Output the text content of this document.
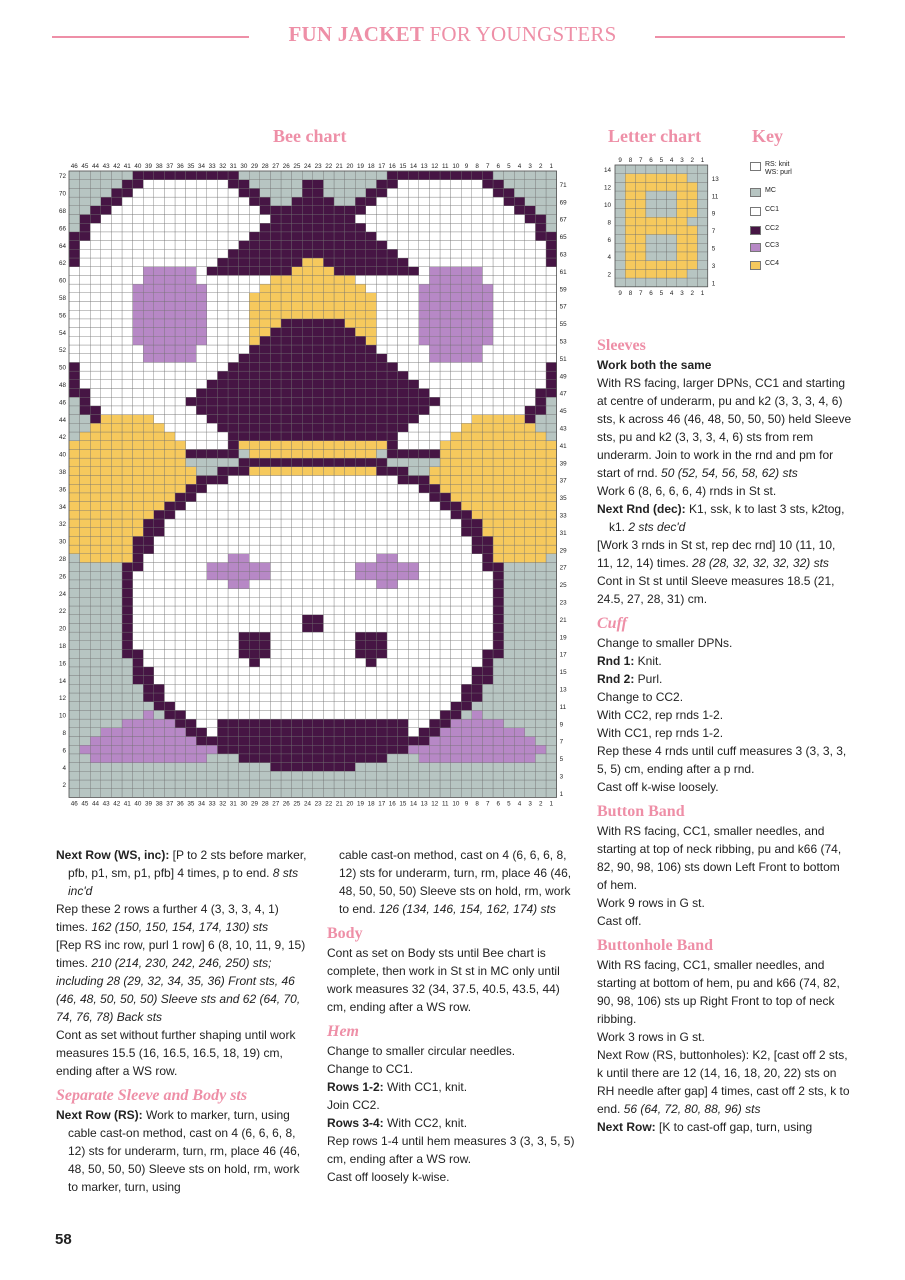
FUN JACKET FOR YOUNGSTERS
Bee chart
46
46
45
45
44
44
43
43
42
42
41
41
40
40
39
39
38
38
37
37
36
36
35
35
34
34
33
33
32
32
31
31
30
30
29
29
28
28
27
27
26
26
25
25
24
24
23
23
22
22
21
21
20
20
19
19
18
18
17
17
16
16
15
15
14
14
13
13
12
12
11
11
10
10
9
9
8
8
7
7
6
6
5
5
4
4
3
3
2
2
1
1
72
70
68
66
64
62
60
58
56
54
52
50
48
46
44
42
40
38
36
34
32
30
28
26
24
22
20
18
16
14
12
10
8
6
4
2
71
69
67
65
63
61
59
57
55
53
51
49
47
45
43
41
39
37
35
33
31
29
27
25
23
21
19
17
15
13
11
9
7
5
3
1
Letter chart
9
9
8
8
7
7
6
6
5
5
4
4
3
3
2
2
1
1
14
12
10
8
6
4
2
13
11
9
7
5
3
1
Key
RS: knit
WS: purl
MC
CC1
CC2
CC3
CC4

Next Row (WS, inc): [P to 2 sts before marker, pfb, p1, sm, p1, pfb] 4 times, p to end. 8 sts inc'd

Rep these 2 rows a further 4 (3, 3, 3, 4, 1) times. 162 (150, 150, 154, 174, 130) sts

[Rep RS inc row, purl 1 row] 6 (8, 10, 11, 9, 15) times. 210 (214, 230, 242, 246, 250) sts; including 28 (29, 32, 34, 35, 36) Front sts, 46 (46, 48, 50, 50, 50) Sleeve sts and 62 (64, 70, 74, 76, 78) Back sts

Cont as set without further shaping until work measures 15.5 (16, 16.5, 16.5, 18, 19) cm, ending after a WS row.

Separate Sleeve and Body sts

Next Row (RS): Work to marker, turn, using cable cast-on method, cast on 4 (6, 6, 6, 8, 12) sts for underarm, turn, rm, place 46 (46, 48, 50, 50, 50) Sleeve sts on hold, rm, work to marker, turn, using

cable cast-on method, cast on 4 (6, 6, 6, 8, 12) sts for underarm, turn, rm, place 46 (46, 48, 50, 50, 50) Sleeve sts on hold, rm, work to end. 126 (134, 146, 154, 162, 174) sts

Body

Cont as set on Body sts until Bee chart is complete, then work in St st in MC only until work measures 32 (34, 37.5, 40.5, 43.5, 44) cm, ending after a WS row.

Hem

Change to smaller circular needles.

Change to CC1.

Rows 1-2: With CC1, knit.

Join CC2.

Rows 3-4: With CC2, knit.

Rep rows 1-4 until hem measures 3 (3, 3, 5, 5) cm, ending after a WS row.

Cast off loosely k-wise.

Sleeves

Work both the same

With RS facing, larger DPNs, CC1 and starting at centre of underarm, pu and k2 (3, 3, 3, 4, 6) sts, k across 46 (46, 48, 50, 50, 50) held Sleeve sts, pu and k2 (3, 3, 3, 4, 6) sts from rem underarm. Join to work in the rnd and pm for start of rnd. 50 (52, 54, 56, 58, 62) sts

Work 6 (8, 6, 6, 6, 4) rnds in St st.

Next Rnd (dec): K1, ssk, k to last 3 sts, k2tog, k1. 2 sts dec'd

[Work 3 rnds in St st, rep dec rnd] 10 (11, 10, 11, 12, 14) times. 28 (28, 32, 32, 32, 32) sts

Cont in St st until Sleeve measures 18.5 (21, 24.5, 27, 28, 31) cm.

Cuff

Change to smaller DPNs.

Rnd 1: Knit.

Rnd 2: Purl.

Change to CC2.

With CC2, rep rnds 1-2.

With CC1, rep rnds 1-2.

Rep these 4 rnds until cuff measures 3 (3, 3, 3, 5, 5) cm, ending after a p rnd.

Cast off k-wise loosely.

Button Band

With RS facing, CC1, smaller needles, and starting at top of neck ribbing, pu and k66 (74, 82, 90, 98, 106) sts down Left Front to bottom of hem.

Work 9 rows in G st.

Cast off.

Buttonhole Band

With RS facing, CC1, smaller needles, and starting at bottom of hem, pu and k66 (74, 82, 90, 98, 106) sts up Right Front to top of neck ribbing.

Work 3 rows in G st.

Next Row (RS, buttonholes): K2, [cast off 2 sts, k until there are 12 (14, 16, 18, 20, 22) sts on RH needle after gap] 4 times, cast off 2 sts, k to end. 56 (64, 72, 80, 88, 96) sts

Next Row: [K to cast-off gap, turn, using

58
